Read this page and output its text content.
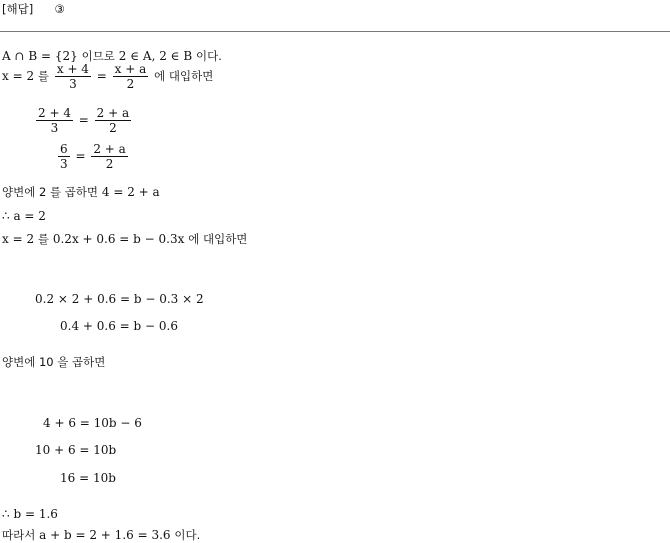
[해답] ③
A ∩ B = {2} 이므로 2 ∈ A, 2 ∈ B 이다.
x = 2 를 $\frac{x + 4}{3} = \frac{x + a}{2}$ 에 대입하면
$\frac{2 + 4}{3} = \frac{2 + a}{2}$
$\frac{6}{3} = \frac{2 + a}{2}$
양변에 2 를 곱하면 4 = 2 + a
∴ a = 2
x = 2 를 0.2x + 0.6 = b − 0.3x 에 대입하면
0.2 × 2 + 0.6 = b − 0.3 × 2
0.4 + 0.6 = b − 0.6
양변에 10 을 곱하면
4 + 6 = 10b − 6
10 + 6 = 10b
16 = 10b
∴ b = 1.6
따라서 a + b = 2 + 1.6 = 3.6 이다.
